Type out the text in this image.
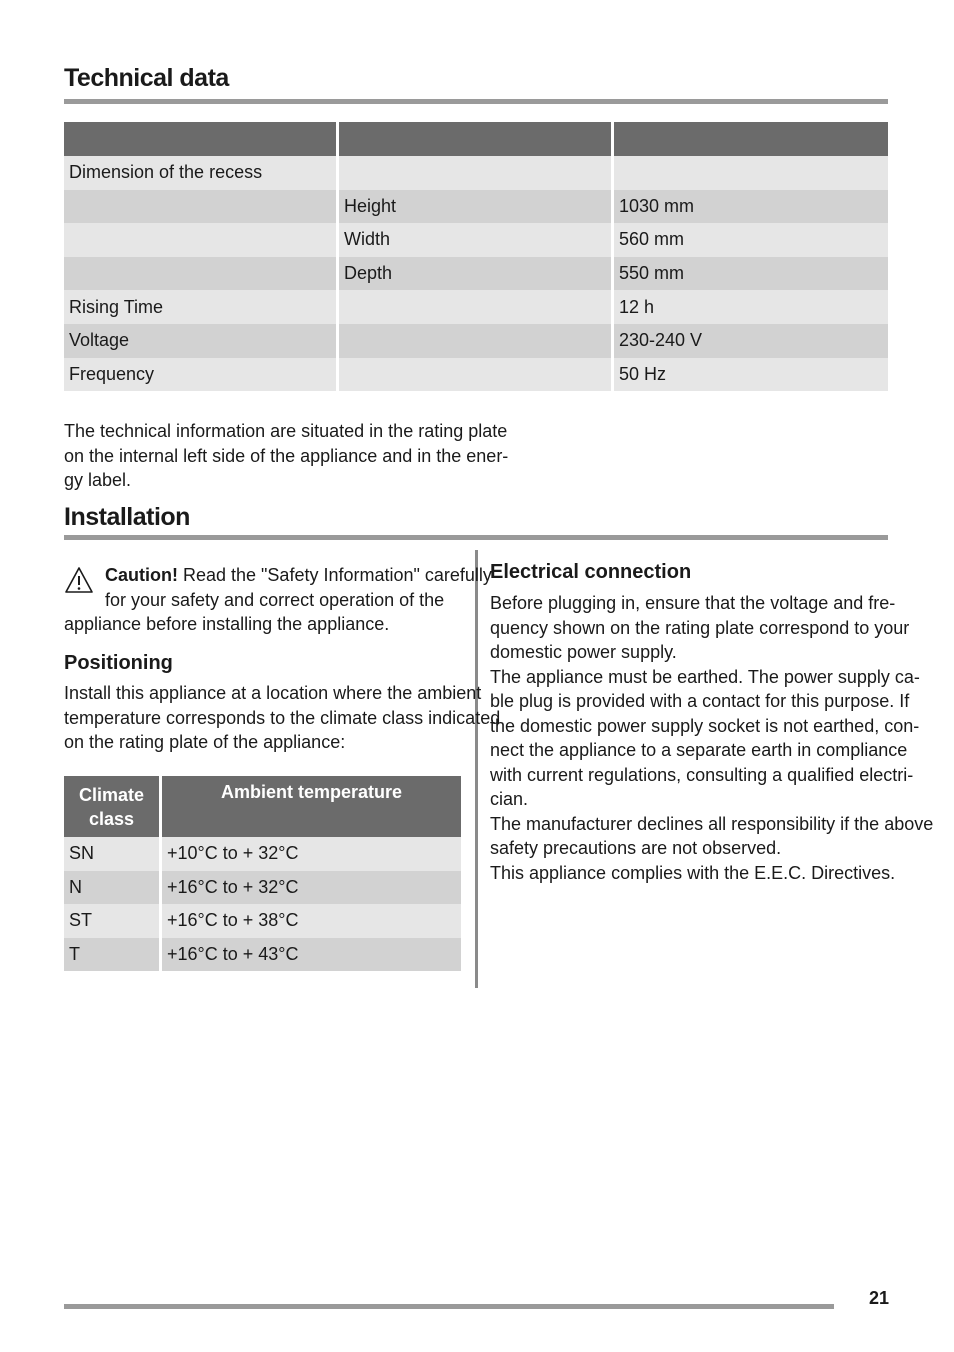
Technical data

Dimension of the recess		
	Height	1030 mm
	Width	560 mm
	Depth	550 mm
Rising Time		12 h
Voltage		230-240 V
Frequency		50 Hz
The technical information are situated in the rating plate
on the internal left side of the appliance and in the ener-
gy label.
Installation
Caution! Read the "Safety Information" carefully
for your safety and correct operation of the
appliance before installing the appliance.
Positioning
Install this appliance at a location where the ambient
temperature corresponds to the climate class indicated
on the rating plate of the appliance:
Climate
class	Ambient temperature
SN	+10°C to + 32°C
N	+16°C to + 32°C
ST	+16°C to + 38°C
T	+16°C to + 43°C
Electrical connection
Before plugging in, ensure that the voltage and fre-
quency shown on the rating plate correspond to your
domestic power supply.
The appliance must be earthed. The power supply ca-
ble plug is provided with a contact for this purpose. If
the domestic power supply socket is not earthed, con-
nect the appliance to a separate earth in compliance
with current regulations, consulting a qualified electri-
cian.
The manufacturer declines all responsibility if the above
safety precautions are not observed.
This appliance complies with the E.E.C. Directives.
21
